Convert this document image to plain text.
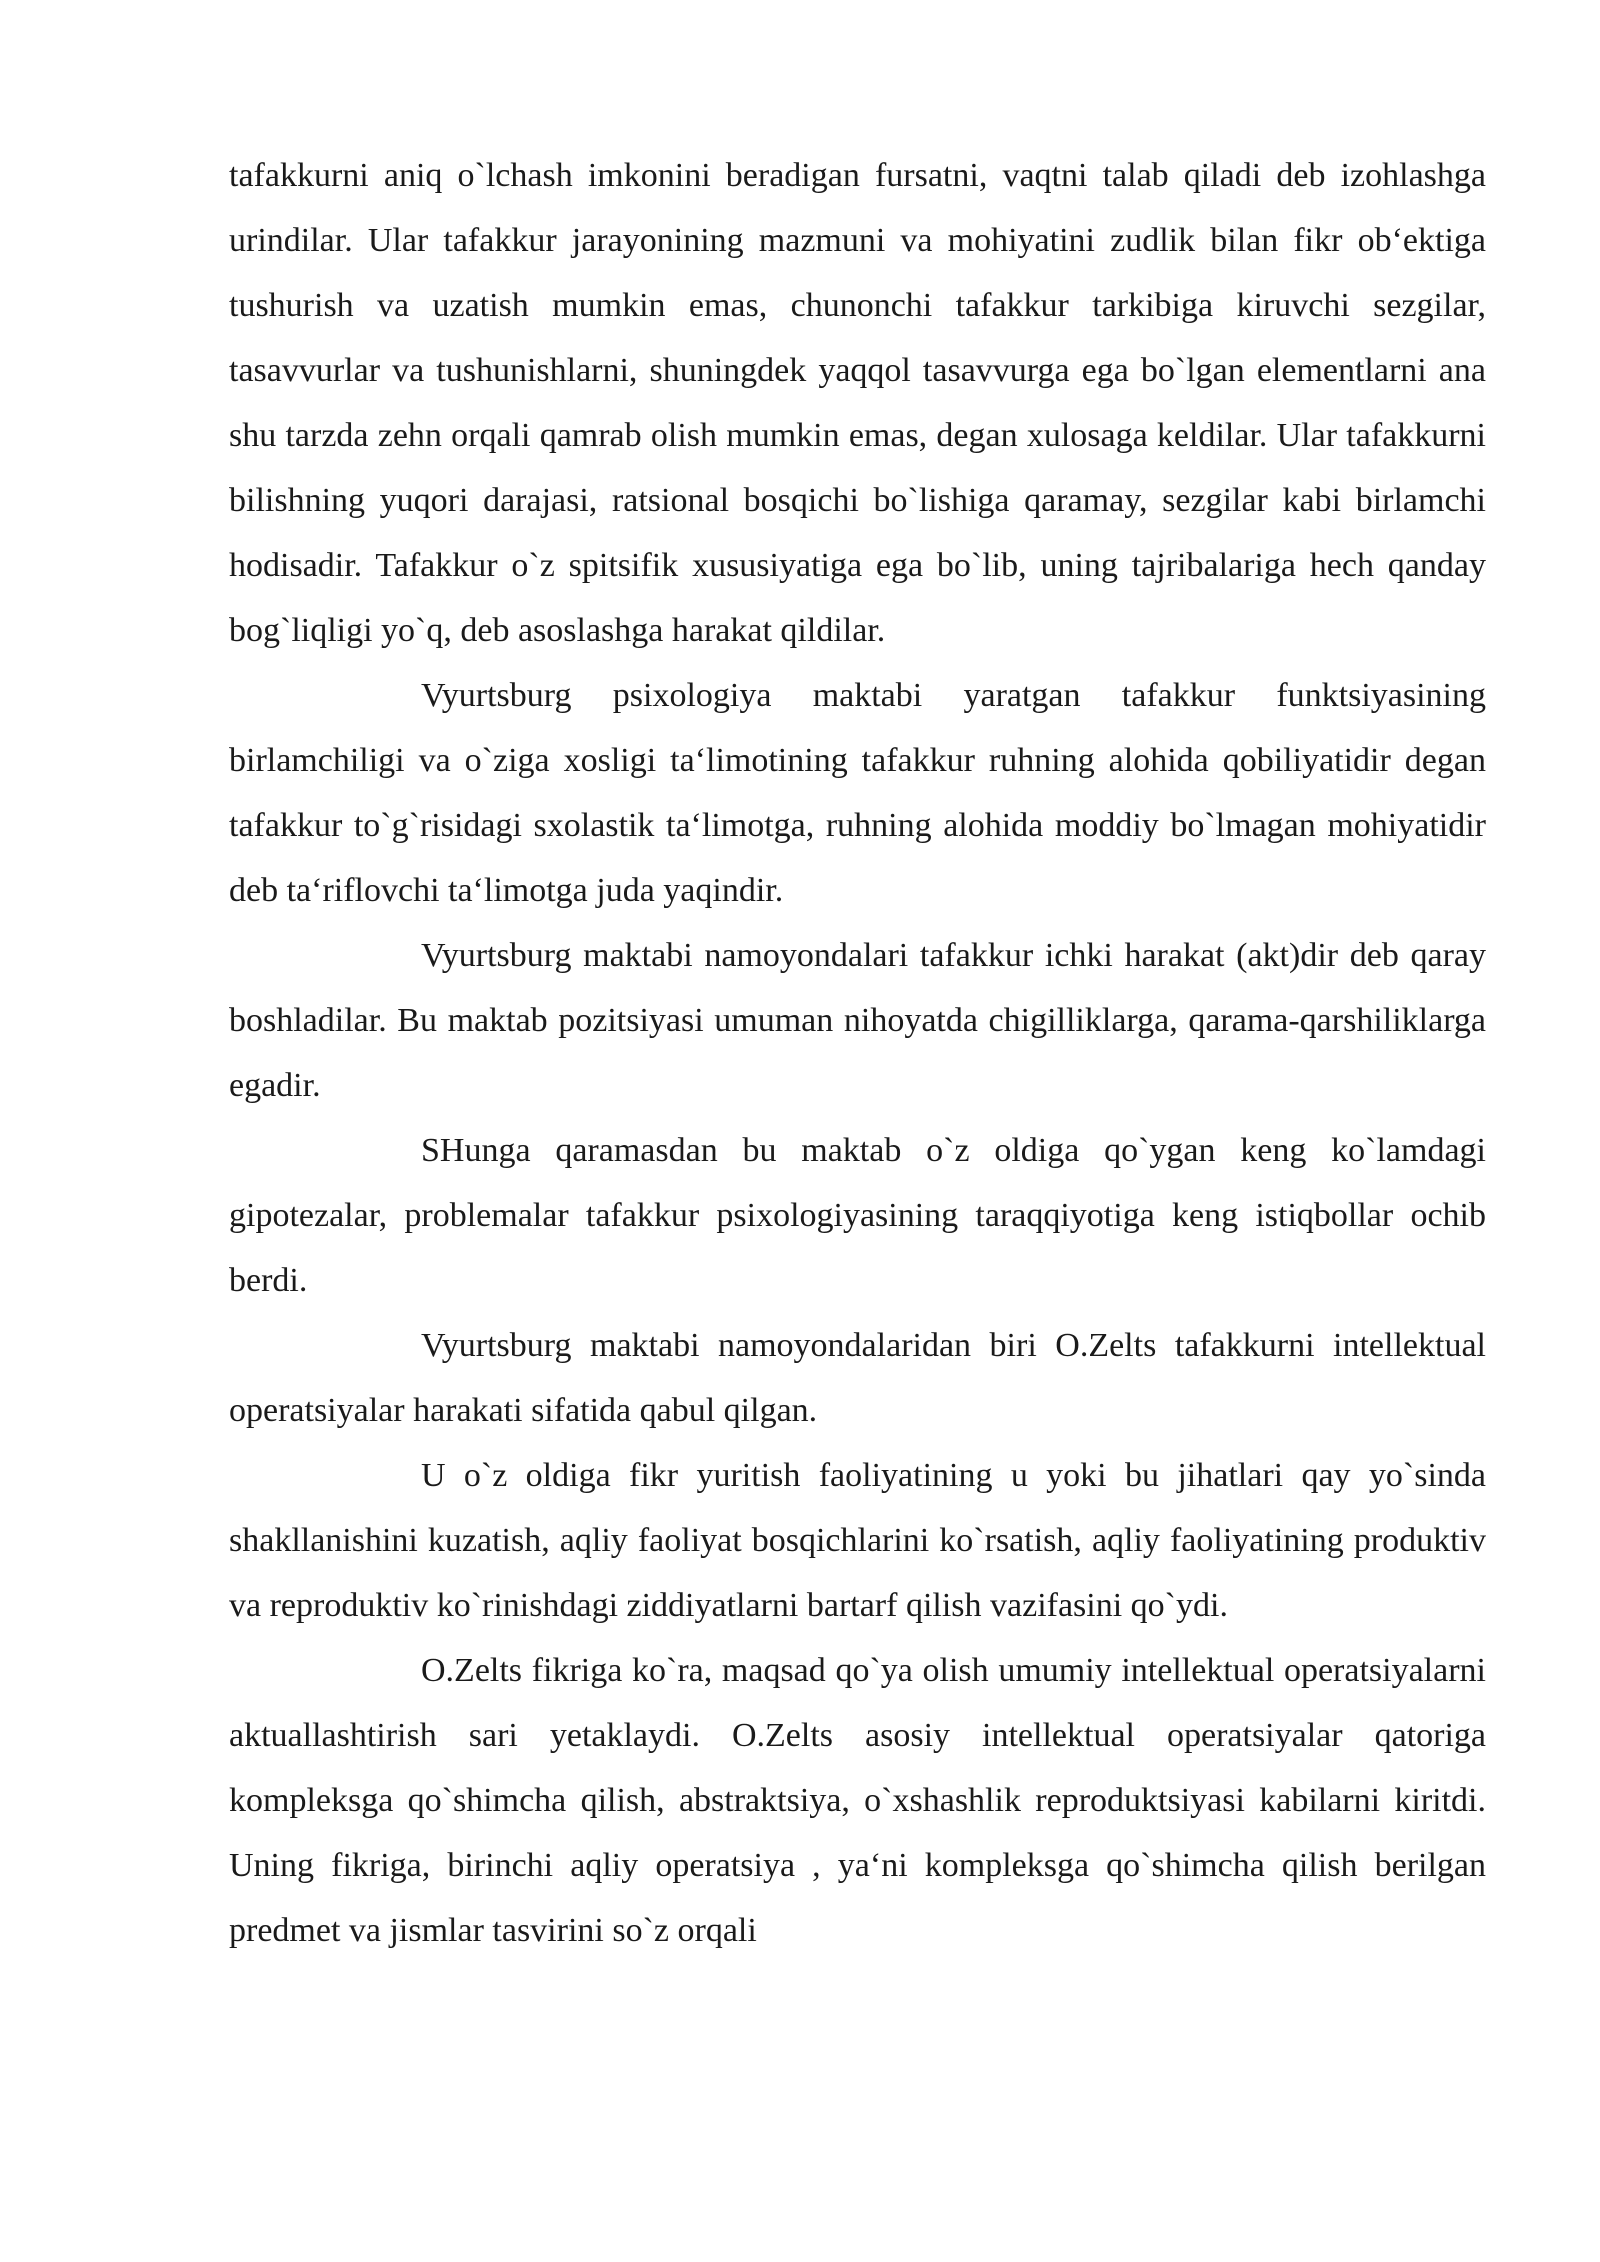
tafakkurni aniq o`lchash imkonini beradigan fursatni, vaqtni talab qiladi deb izohlashga urindilar. Ular tafakkur jarayonining mazmuni va mohiyatini zudlik bilan fikr ob‘ektiga tushurish va uzatish mumkin emas, chunonchi tafakkur tarkibiga kiruvchi sezgilar, tasavvurlar va tushunishlarni, shuningdek yaqqol tasavvurga ega bo`lgan elementlarni ana shu tarzda zehn orqali qamrab olish mumkin emas, degan xulosaga keldilar. Ular tafakkurni bilishning yuqori darajasi, ratsional bosqichi bo`lishiga qaramay, sezgilar kabi birlamchi hodisadir. Tafakkur o`z spitsifik xususiyatiga ega bo`lib, uning tajribalariga hech qanday bog`liqligi yo`q, deb asoslashga harakat qildilar.

Vyurtsburg psixologiya maktabi yaratgan tafakkur funktsiyasining birlamchiligi va o`ziga xosligi ta‘limotining tafakkur ruhning alohida qobiliyatidir degan tafakkur to`g`risidagi sxolastik ta‘limotga, ruhning alohida moddiy bo`lmagan mohiyatidir deb ta‘riflovchi ta‘limotga juda yaqindir.

Vyurtsburg maktabi namoyondalari tafakkur ichki harakat (akt)dir deb qaray boshladilar. Bu maktab pozitsiyasi umuman nihoyatda chigilliklarga, qarama-qarshiliklarga egadir.

SHunga qaramasdan bu maktab o`z oldiga qo`ygan keng ko`lamdagi gipotezalar, problemalar tafakkur psixologiyasining taraqqiyotiga keng istiqbollar ochib berdi.

Vyurtsburg maktabi namoyondalaridan biri O.Zelts tafakkurni intellektual operatsiyalar harakati sifatida qabul qilgan.

U o`z oldiga fikr yuritish faoliyatining u yoki bu jihatlari qay yo`sinda shakllanishini kuzatish, aqliy faoliyat bosqichlarini ko`rsatish, aqliy faoliyatining produktiv va reproduktiv ko`rinishdagi ziddiyatlarni bartarf qilish vazifasini qo`ydi.

O.Zelts fikriga ko`ra, maqsad qo`ya olish umumiy intellektual operatsiyalarni aktuallashtirish sari yetaklaydi. O.Zelts asosiy intellektual operatsiyalar qatoriga kompleksga qo`shimcha qilish, abstraktsiya, o`xshashlik reproduktsiyasi kabilarni kiritdi. Uning fikriga, birinchi aqliy operatsiya , ya‘ni kompleksga qo`shimcha qilish berilgan predmet va jismlar tasvirini so`z orqali
